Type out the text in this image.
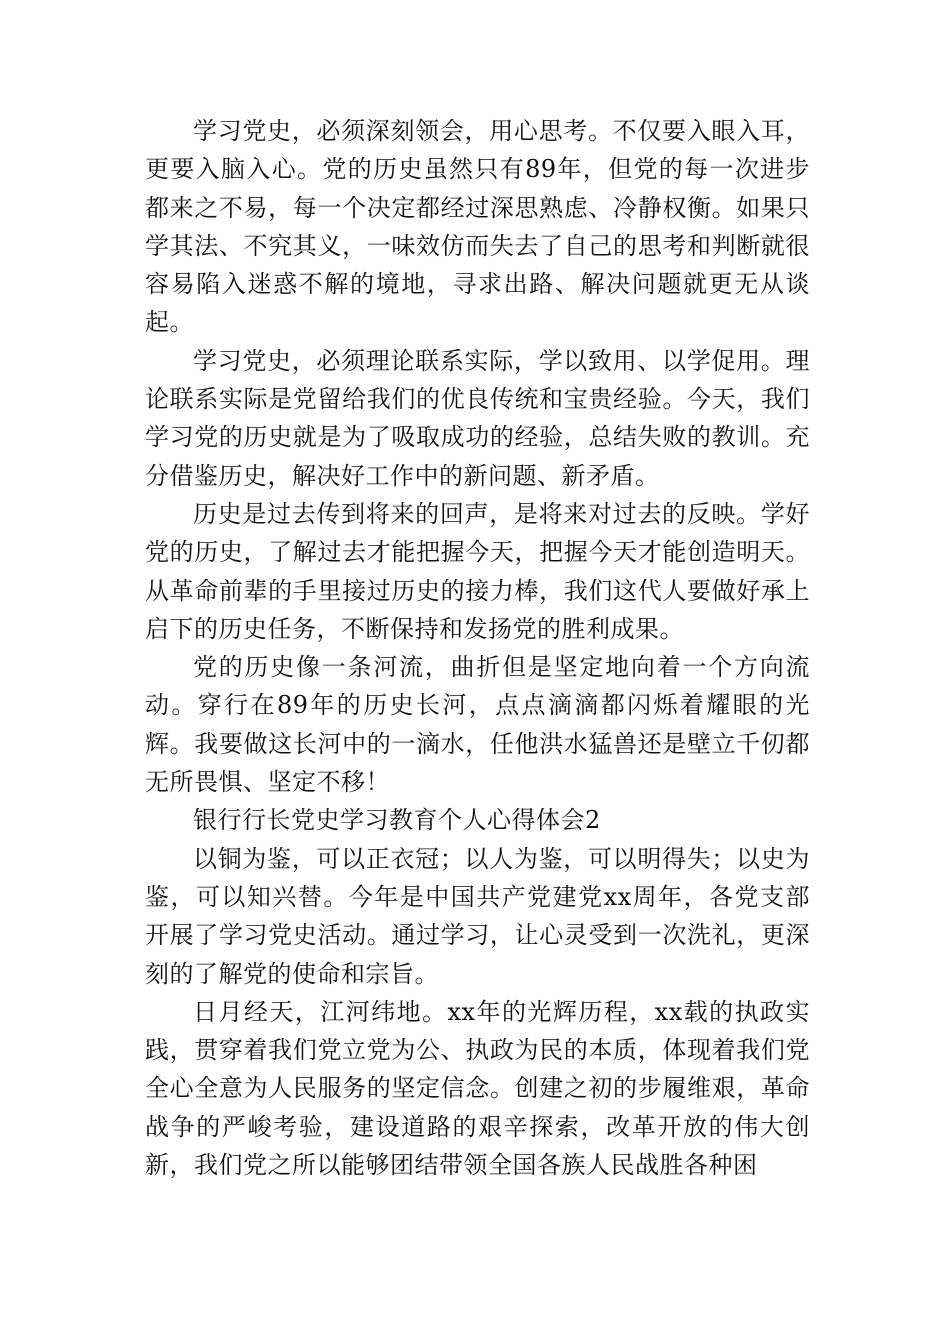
学习党史，必须深刻领会，用心思考。不仅要入眼入耳，更要入脑入心。党的历史虽然只有89年，但党的每一次进步都来之不易，每一个决定都经过深思熟虑、冷静权衡。如果只学其法、不究其义，一味效仿而失去了自己的思考和判断就很容易陷入迷惑不解的境地，寻求出路、解决问题就更无从谈起。

学习党史，必须理论联系实际，学以致用、以学促用。理论联系实际是党留给我们的优良传统和宝贵经验。今天，我们学习党的历史就是为了吸取成功的经验，总结失败的教训。充分借鉴历史，解决好工作中的新问题、新矛盾。

历史是过去传到将来的回声，是将来对过去的反映。学好党的历史，了解过去才能把握今天，把握今天才能创造明天。从革命前辈的手里接过历史的接力棒，我们这代人要做好承上启下的历史任务，不断保持和发扬党的胜利成果。

党的历史像一条河流，曲折但是坚定地向着一个方向流动。穿行在89年的历史长河，点点滴滴都闪烁着耀眼的光辉。我要做这长河中的一滴水，任他洪水猛兽还是壁立千仞都无所畏惧、坚定不移！

银行行长党史学习教育个人心得体会2

以铜为鉴，可以正衣冠；以人为鉴，可以明得失；以史为鉴，可以知兴替。今年是中国共产党建党xx周年，各党支部开展了学习党史活动。通过学习，让心灵受到一次洗礼，更深刻的了解党的使命和宗旨。

日月经天，江河纬地。xx年的光辉历程，xx载的执政实践，贯穿着我们党立党为公、执政为民的本质，体现着我们党全心全意为人民服务的坚定信念。创建之初的步履维艰，革命战争的严峻考验，建设道路的艰辛探索，改革开放的伟大创新，我们党之所以能够团结带领全国各族人民战胜各种困
